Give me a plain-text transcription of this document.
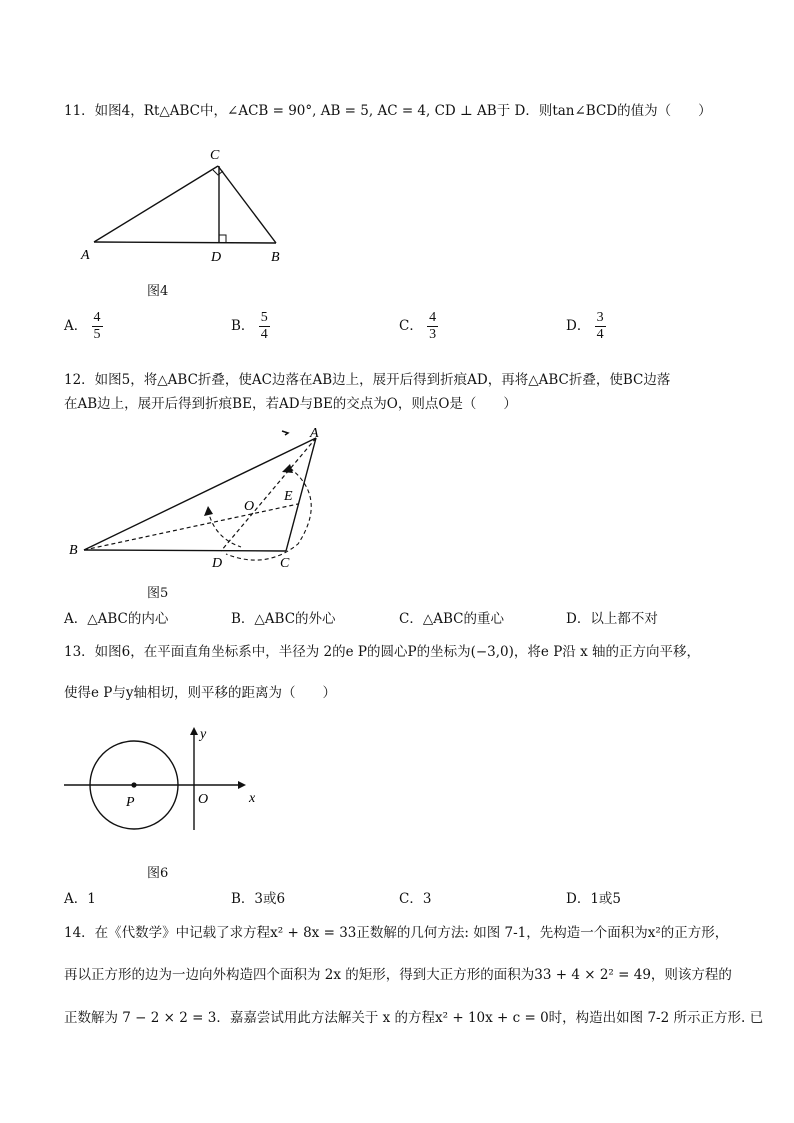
11．如图4，Rt△ABC中，∠ACB = 90°, AB = 5, AC = 4, CD ⊥ AB于 D．则tan∠BCD的值为（　　）
C
A	D	B
图4
A． $\frac{4}{5}$	B． $\frac{5}{4}$	C． $\frac{4}{3}$	D． $\frac{3}{4}$
12．如图5，将△ABC折叠，使AC边落在AB边上，展开后得到折痕AD，再将△ABC折叠，使BC边落
在AB边上，展开后得到折痕BE，若AD与BE的交点为O，则点O是（　　）
A
E
O
B
D	C
图5
A．△ABC的内心	B．△ABC的外心	C．△ABC的重心	D．以上都不对
13．如图6，在平面直角坐标系中，半径为 2的e P的圆心P的坐标为(−3,0)，将e P沿 x 轴的正方向平移，
使得e P与y轴相切，则平移的距离为（　　）
y
x
O
P
图6
A．1	B．3或6	C．3	D．1或5
14．在《代数学》中记载了求方程x² + 8x = 33正数解的几何方法: 如图 7-1，先构造一个面积为x²的正方形，
再以正方形的边为一边向外构造四个面积为 2x 的矩形，得到大正方形的面积为33 + 4 × 2² = 49，则该方程的
正数解为 7 − 2 × 2 = 3．嘉嘉尝试用此方法解关于 x 的方程x² + 10x + c = 0时，构造出如图 7-2 所示正方形. 已
